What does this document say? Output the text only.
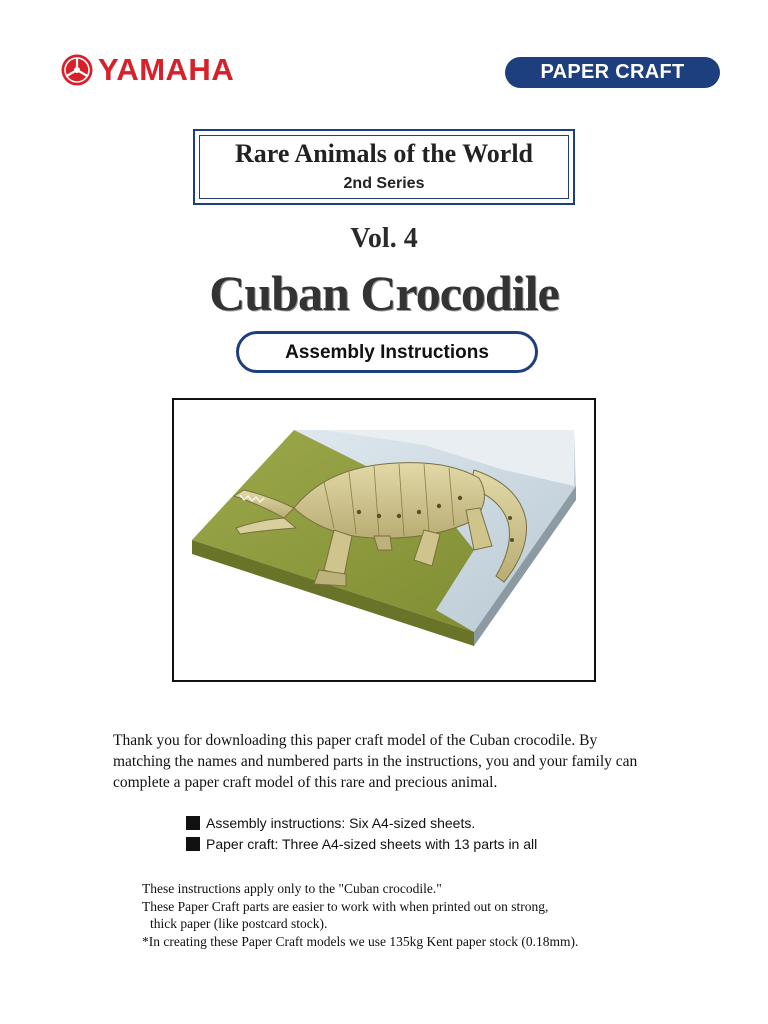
YAMAHA	PAPER CRAFT
Rare Animals of the World
2nd Series
Vol. 4
Cuban Crocodile
Assembly Instructions
Thank you for downloading this paper craft model of the Cuban crocodile. By
matching the names and numbered parts in the instructions, you and your family can
complete a paper craft model of this rare and precious animal.
Assembly instructions: Six A4-sized sheets.
Paper craft: Three A4-sized sheets with 13 parts in all

These instructions apply only to the "Cuban crocodile."

These Paper Craft parts are easier to work with when printed out on strong,

thick paper (like postcard stock).

*In creating these Paper Craft models we use 135kg Kent paper stock (0.18mm).
